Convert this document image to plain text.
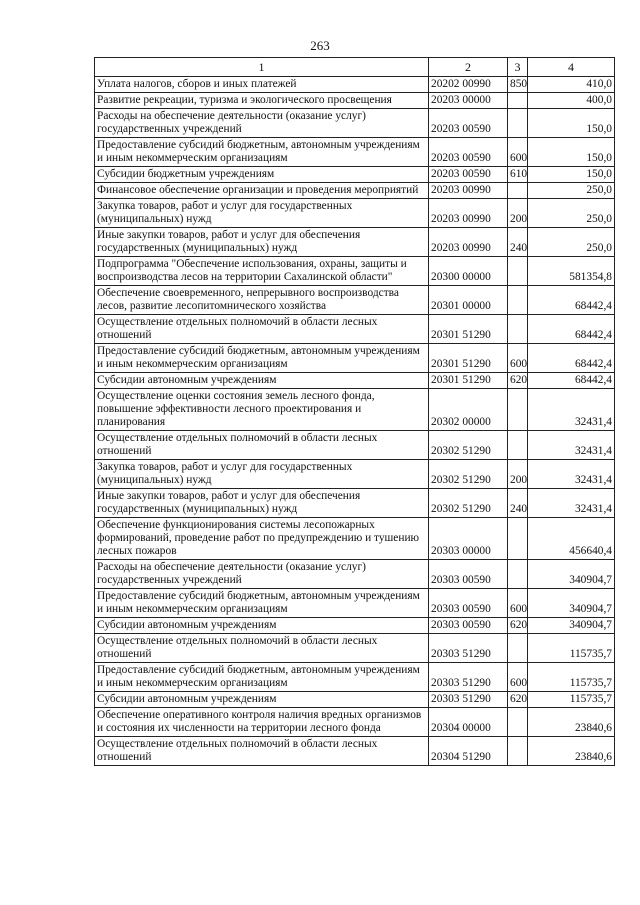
263
1	2	3	4
Уплата налогов, сборов и иных платежей	20202 00990	850	410,0
Развитие рекреации, туризма и экологического просвещения	20203 00000		400,0
Расходы на обеспечение деятельности (оказание услуг) государственных учреждений	20203 00590		150,0
Предоставление субсидий бюджетным, автономным учреждениям и иным некоммерческим организациям	20203 00590	600	150,0
Субсидии бюджетным учреждениям	20203 00590	610	150,0
Финансовое обеспечение организации и проведения мероприятий	20203 00990		250,0
Закупка товаров, работ и услуг для государственных (муниципальных) нужд	20203 00990	200	250,0
Иные закупки товаров, работ и услуг для обеспечения государственных (муниципальных) нужд	20203 00990	240	250,0
Подпрограмма "Обеспечение использования, охраны, защиты и воспроизводства лесов на территории Сахалинской области"	20300 00000		581354,8
Обеспечение своевременного, непрерывного воспроизводства лесов, развитие лесопитомнического хозяйства	20301 00000		68442,4
Осуществление отдельных полномочий в области лесных отношений	20301 51290		68442,4
Предоставление субсидий бюджетным, автономным учреждениям и иным некоммерческим организациям	20301 51290	600	68442,4
Субсидии автономным учреждениям	20301 51290	620	68442,4
Осуществление оценки состояния земель лесного фонда, повышение эффективности лесного проектирования и планирования	20302 00000		32431,4
Осуществление отдельных полномочий в области лесных отношений	20302 51290		32431,4
Закупка товаров, работ и услуг для государственных (муниципальных) нужд	20302 51290	200	32431,4
Иные закупки товаров, работ и услуг для обеспечения государственных (муниципальных) нужд	20302 51290	240	32431,4
Обеспечение функционирования системы лесопожарных формирований, проведение работ по предупреждению и тушению лесных пожаров	20303 00000		456640,4
Расходы на обеспечение деятельности (оказание услуг) государственных учреждений	20303 00590		340904,7
Предоставление субсидий бюджетным, автономным учреждениям и иным некоммерческим организациям	20303 00590	600	340904,7
Субсидии автономным учреждениям	20303 00590	620	340904,7
Осуществление отдельных полномочий в области лесных отношений	20303 51290		115735,7
Предоставление субсидий бюджетным, автономным учреждениям и иным некоммерческим организациям	20303 51290	600	115735,7
Субсидии автономным учреждениям	20303 51290	620	115735,7
Обеспечение оперативного контроля наличия вредных организмов и состояния их численности на территории лесного фонда	20304 00000		23840,6
Осуществление отдельных полномочий в области лесных отношений	20304 51290		23840,6
